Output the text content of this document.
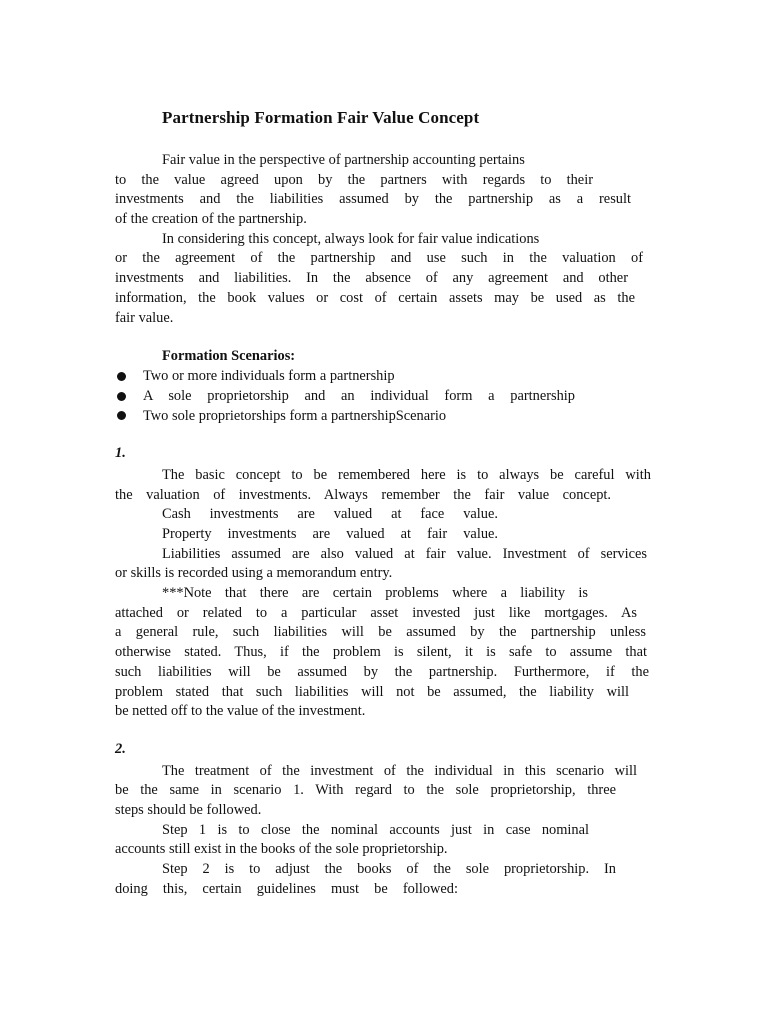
Partnership Formation Fair Value Concept
Fair value in the perspective of partnership accounting pertains
to the value agreed upon by the partners with regards to their
investments and the liabilities assumed by the partnership as a result
of the creation of the partnership.
In considering this concept, always look for fair value indications
or the agreement of the partnership and use such in the valuation of
investments and liabilities. In the absence of any agreement and other
information, the book values or cost of certain assets may be used as the
fair value.
Formation Scenarios:
Two or more individuals form a partnership
A sole proprietorship and an individual form a partnership
Two sole proprietorships form a partnershipScenario
1.
The basic concept to be remembered here is to always be careful with
the valuation of investments. Always remember the fair value concept.
Cash investments are valued at face value.
Property investments are valued at fair value.
Liabilities assumed are also valued at fair value. Investment of services
or skills is recorded using a memorandum entry.
***Note that there are certain problems where a liability is
attached or related to a particular asset invested just like mortgages. As
a general rule, such liabilities will be assumed by the partnership unless
otherwise stated. Thus, if the problem is silent, it is safe to assume that
such liabilities will be assumed by the partnership. Furthermore, if the
problem stated that such liabilities will not be assumed, the liability will
be netted off to the value of the investment.
2.
The treatment of the investment of the individual in this scenario will
be the same in scenario 1. With regard to the sole proprietorship, three
steps should be followed.
Step 1 is to close the nominal accounts just in case nominal
accounts still exist in the books of the sole proprietorship.
Step 2 is to adjust the books of the sole proprietorship. In
doing this, certain guidelines must be followed:
